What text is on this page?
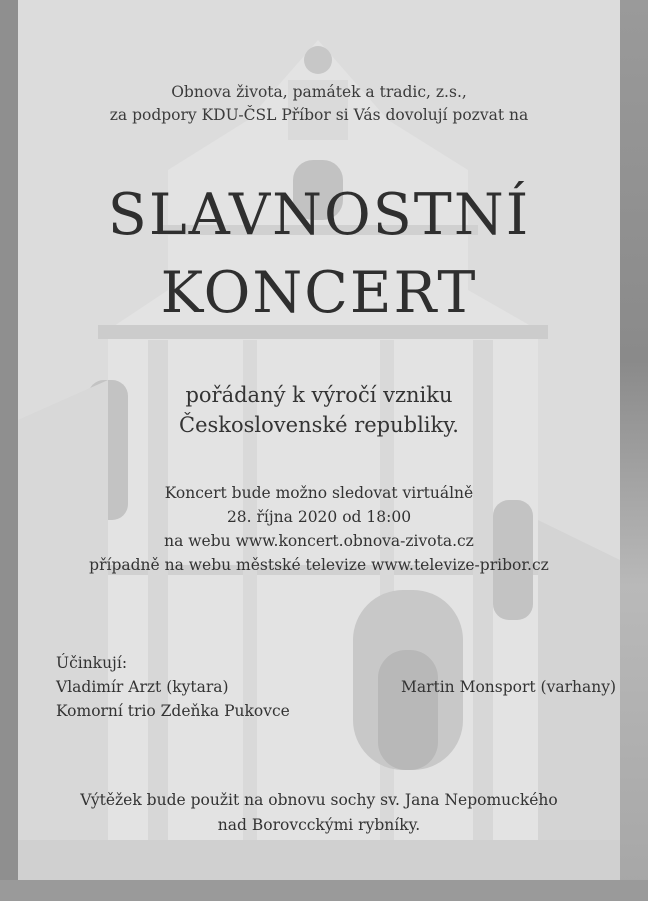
Obnova života, památek a tradic, z.s.,
za podpory KDU-ČSL Příbor si Vás dovolují pozvat na
SLAVNOSTNÍ
KONCERT
pořádaný k výročí vzniku
Československé republiky.
Koncert bude možno sledovat virtuálně
28. října 2020 od 18:00
na webu www.koncert.obnova-zivota.cz
případně na webu městské televize www.televize-pribor.cz
Účinkují:
Vladimír Arzt (kytara)	Martin Monsport (varhany)
Komorní trio Zdeňka Pukovce
Výtěžek bude použit na obnovu sochy sv. Jana Nepomuckého
nad Borovcckými rybníky.
